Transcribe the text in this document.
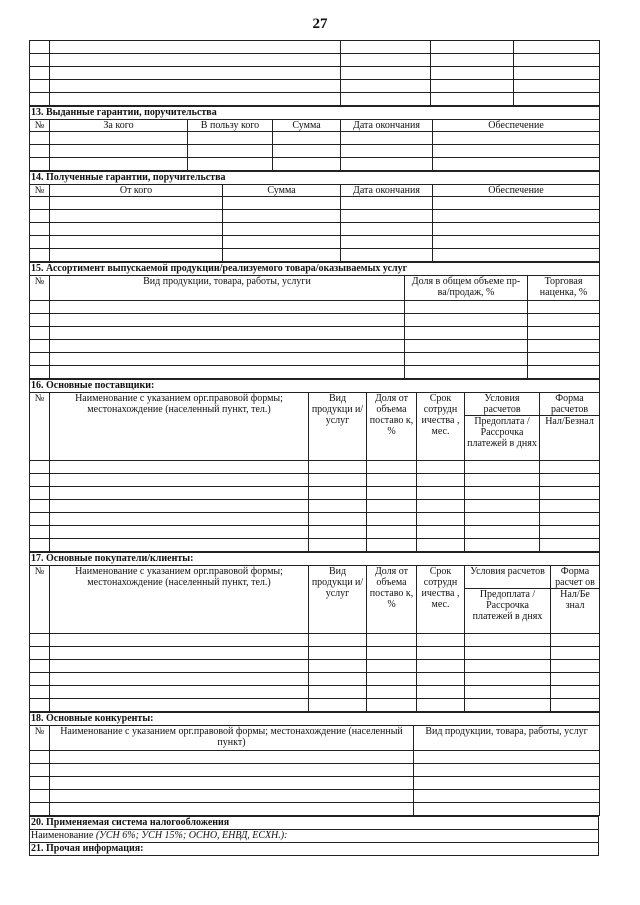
27

13. Выданные гарантии, поручительства					
№	За кого	В пользу кого	Сумма	Дата окончания	Обеспечение

14. Полученные гарантии, поручительства				
№	От кого	Сумма	Дата окончания	Обеспечение

15. Ассортимент выпускаемой продукции/реализуемого товара/оказываемых услуг			
№	Вид продукции, товара, работы, услуги	Доля в общем объеме пр-ва/продаж, %	Торговая наценка, %

16. Основные поставщики:						
№	Наименование с указанием орг.правовой формы; местонахождение (населенный пункт, тел.)	Вид продукци и/услуг	Доля от объема поставо к, %	Срок сотрудн ичества , мес.	Условия расчетов	Форма расчетов
					Предоплата / Рассрочка платежей в днях	Нал/Безнал

17. Основные покупатели/клиенты:						
№	Наименование с указанием орг.правовой формы; местонахождение (населенный пункт, тел.)	Вид продукци и/услуг	Доля от объема поставо к, %	Срок сотрудн ичества , мес.	Условия расчетов	Форма расчет ов
					Предоплата / Рассрочка платежей в днях	Нал/Бе знал

18. Основные конкуренты:		
№	Наименование с указанием орг.правовой формы; местонахождение (населенный пункт)	Вид продукции, товара, работы, услуг

20. Применяемая система налогообложения
Наименование (УСН 6%; УСН 15%; ОСНО, ЕНВД, ЕСХН.):
21. Прочая информация:
